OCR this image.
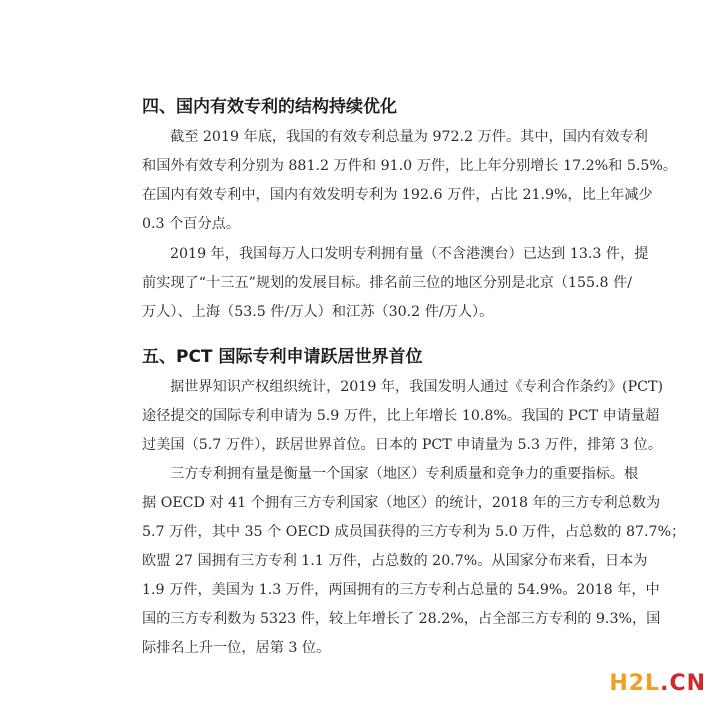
四、国内有效专利的结构持续优化

截至 2019 年底，我国的有效专利总量为 972.2 万件。其中，国内有效专利

和国外有效专利分别为 881.2 万件和 91.0 万件，比上年分别增长 17.2%和 5.5%。

在国内有效专利中，国内有效发明专利为 192.6 万件，占比 21.9%，比上年减少

0.3 个百分点。

2019 年，我国每万人口发明专利拥有量（不含港澳台）已达到 13.3 件，提

前实现了“十三五”规划的发展目标。排名前三位的地区分别是北京（155.8 件/

万人）、上海（53.5 件/万人）和江苏（30.2 件/万人）。

五、PCT 国际专利申请跃居世界首位

据世界知识产权组织统计，2019 年，我国发明人通过《专利合作条约》(PCT)

途径提交的国际专利申请为 5.9 万件，比上年增长 10.8%。我国的 PCT 申请量超

过美国（5.7 万件），跃居世界首位。日本的 PCT 申请量为 5.3 万件，排第 3 位。

三方专利拥有量是衡量一个国家（地区）专利质量和竞争力的重要指标。根

据 OECD 对 41 个拥有三方专利国家（地区）的统计，2018 年的三方专利总数为

5.7 万件，其中 35 个 OECD 成员国获得的三方专利为 5.0 万件，占总数的 87.7%；

欧盟 27 国拥有三方专利 1.1 万件，占总数的 20.7%。从国家分布来看，日本为

1.9 万件，美国为 1.3 万件，两国拥有的三方专利占总量的 54.9%。2018 年，中

国的三方专利数为 5323 件，较上年增长了 28.2%，占全部三方专利的 9.3%，国

际排名上升一位，居第 3 位。

H2L.CN
